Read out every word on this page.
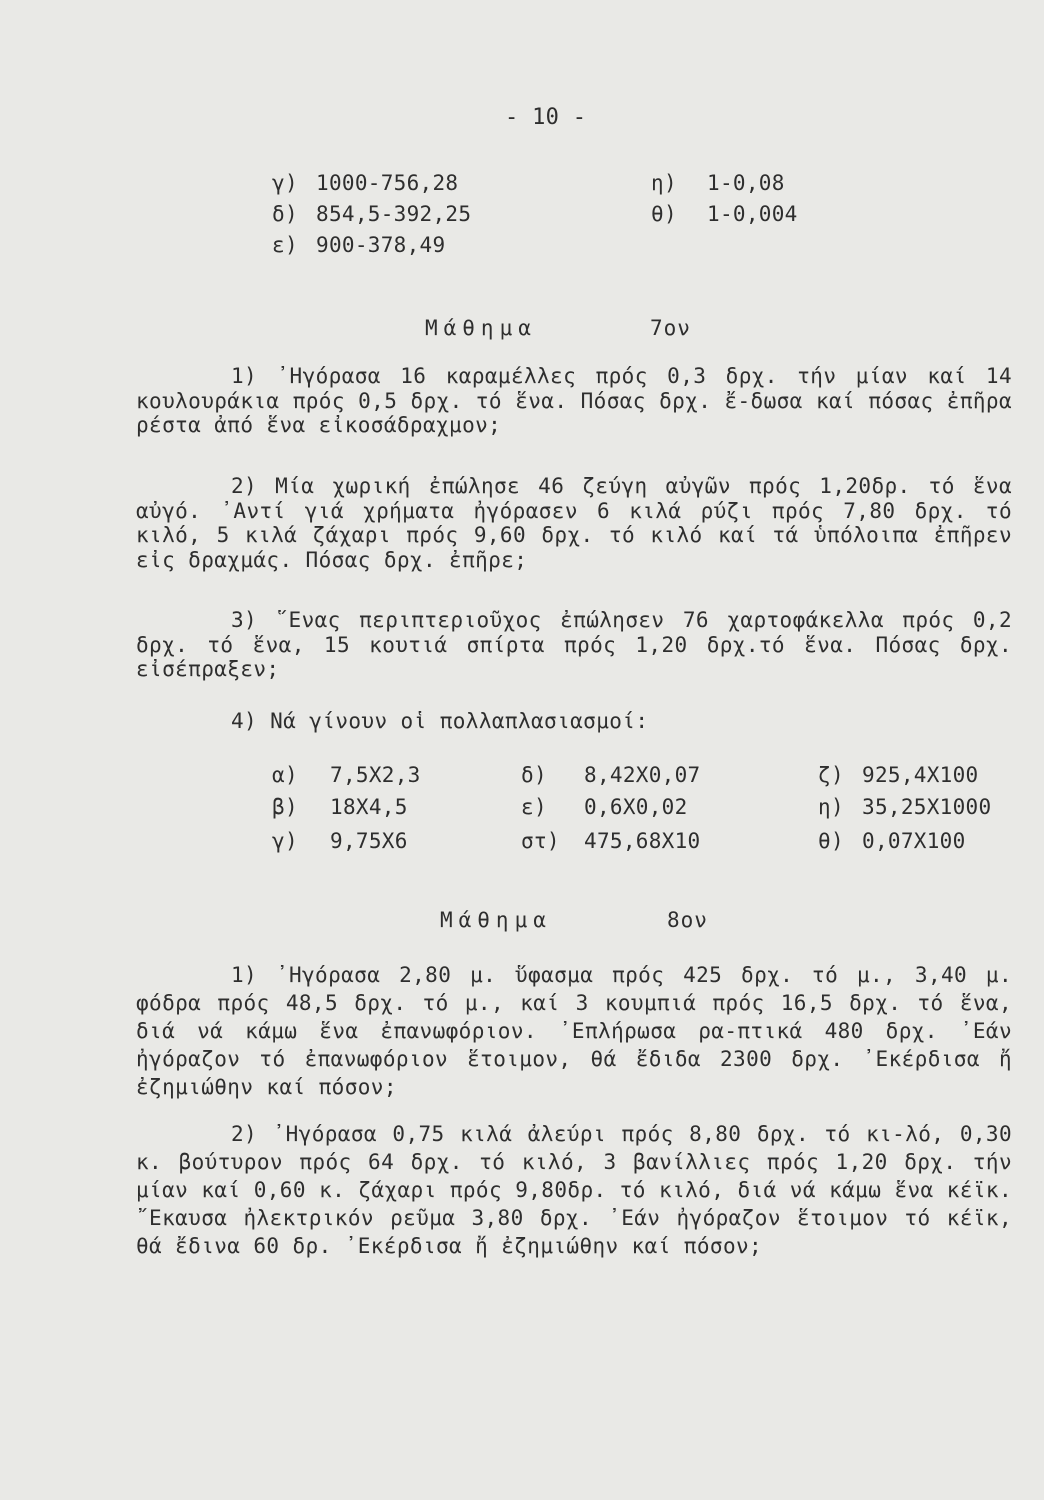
- 10 -
γ) 1000-756,28
δ) 854,5-392,25
ε) 900-378,49
η) 1-0,08
θ) 1-0,004
Μάθημα	7ον

1) ᾿Ηγόρασα 16 καραμέλλες πρός 0,3 δρχ. τήν μίαν καί 14 κουλουράκια πρός 0,5 δρχ. τό ἕνα. Πόσας δρχ. ἔ-δωσα καί πόσας ἐπῆρα ρέστα ἀπό ἕνα εἰκοσάδραχμον;

2) Μία χωρική ἐπώλησε 46 ζεύγη αὐγῶν πρός 1,20δρ. τό ἕνα αὐγό. ᾿Αντί γιά χρήματα ἠγόρασεν 6 κιλά ρύζι πρός 7,80 δρχ. τό κιλό, 5 κιλά ζάχαρι πρός 9,60 δρχ. τό κιλό καί τά ὑπόλοιπα ἐπῆρεν εἰς δραχμάς. Πόσας δρχ. ἐπῆρε;

3) ῞Ενας περιπτεριοῦχος ἐπώλησεν 76 χαρτοφάκελλα πρός 0,2 δρχ. τό ἕνα, 15 κουτιά σπίρτα πρός 1,20 δρχ.τό ἕνα. Πόσας δρχ. εἰσέπραξεν;

4) Νά γίνουν οἱ πολλαπλασιασμοί:

α) 7,5Χ2,3
β) 18Χ4,5
γ) 9,75Χ6
δ) 8,42Χ0,07
ε) 0,6Χ0,02
στ) 475,68Χ10
ζ) 925,4Χ100
η) 35,25Χ1000
θ) 0,07Χ100
Μάθημα	8ον

1) ᾿Ηγόρασα 2,80 μ. ὕφασμα πρός 425 δρχ. τό μ., 3,40 μ. φόδρα πρός 48,5 δρχ. τό μ., καί 3 κουμπιά πρός 16,5 δρχ. τό ἕνα, διά νά κάμω ἕνα ἐπανωφόριον. ᾿Επλήρωσα ρα-πτικά 480 δρχ. ᾿Εάν ἠγόραζον τό ἐπανωφόριον ἕτοιμον, θά ἔδιδα 2300 δρχ. ᾿Εκέρδισα ἤ ἐζημιώθην καί πόσον;

2) ᾿Ηγόρασα 0,75 κιλά ἀλεύρι πρός 8,80 δρχ. τό κι-λό, 0,30 κ. βούτυρον πρός 64 δρχ. τό κιλό, 3 βανίλλιες πρός 1,20 δρχ. τήν μίαν καί 0,60 κ. ζάχαρι πρός 9,80δρ. τό κιλό, διά νά κάμω ἕνα κέϊκ. ῎Εκαυσα ἠλεκτρικόν ρεῦμα 3,80 δρχ. ᾿Εάν ἠγόραζον ἕτοιμον τό κέϊκ, θά ἔδινα 60 δρ. ᾿Εκέρδισα ἤ ἐζημιώθην καί πόσον;
